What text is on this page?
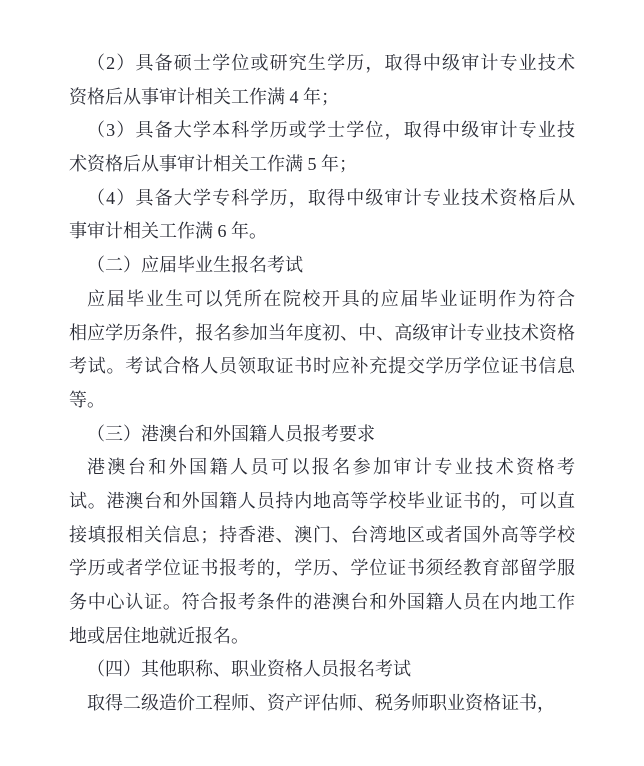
（2）具备硕士学位或研究生学历，取得中级审计专业技术
资格后从事审计相关工作满 4 年；
（3）具备大学本科学历或学士学位，取得中级审计专业技
术资格后从事审计相关工作满 5 年；
（4）具备大学专科学历，取得中级审计专业技术资格后从
事审计相关工作满 6 年。
（二）应届毕业生报名考试
应届毕业生可以凭所在院校开具的应届毕业证明作为符合
相应学历条件，报名参加当年度初、中、高级审计专业技术资格
考试。考试合格人员领取证书时应补充提交学历学位证书信息
等。
（三）港澳台和外国籍人员报考要求
港澳台和外国籍人员可以报名参加审计专业技术资格考
试。港澳台和外国籍人员持内地高等学校毕业证书的，可以直
接填报相关信息；持香港、澳门、台湾地区或者国外高等学校
学历或者学位证书报考的，学历、学位证书须经教育部留学服
务中心认证。符合报考条件的港澳台和外国籍人员在内地工作
地或居住地就近报名。
（四）其他职称、职业资格人员报名考试
取得二级造价工程师、资产评估师、税务师职业资格证书，
